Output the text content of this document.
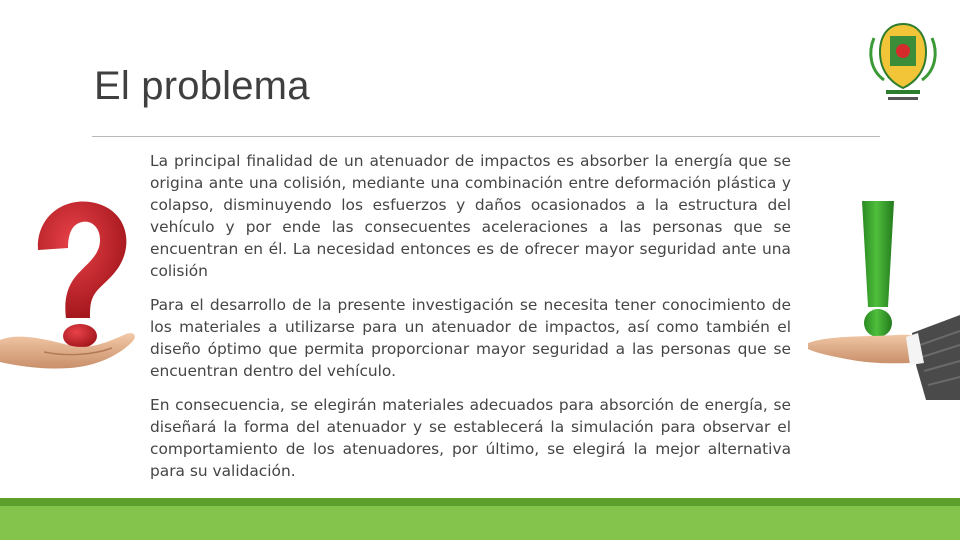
El problema

La principal finalidad de un atenuador de impactos es absorber la energía que se origina ante una colisión, mediante una combinación entre deformación plástica y colapso, disminuyendo los esfuerzos y daños ocasionados a la estructura del vehículo y por ende las consecuentes aceleraciones a las personas que se encuentran en él. La necesidad entonces es de ofrecer mayor seguridad ante una colisión

Para el desarrollo de la presente investigación se necesita tener conocimiento de los materiales a utilizarse para un atenuador de impactos, así como también el diseño óptimo que permita proporcionar mayor seguridad a las personas que se encuentran dentro del vehículo.

En consecuencia, se elegirán materiales adecuados para absorción de energía, se diseñará la forma del atenuador y se establecerá la simulación para observar el comportamiento de los atenuadores, por último, se elegirá la mejor alternativa para su validación.
